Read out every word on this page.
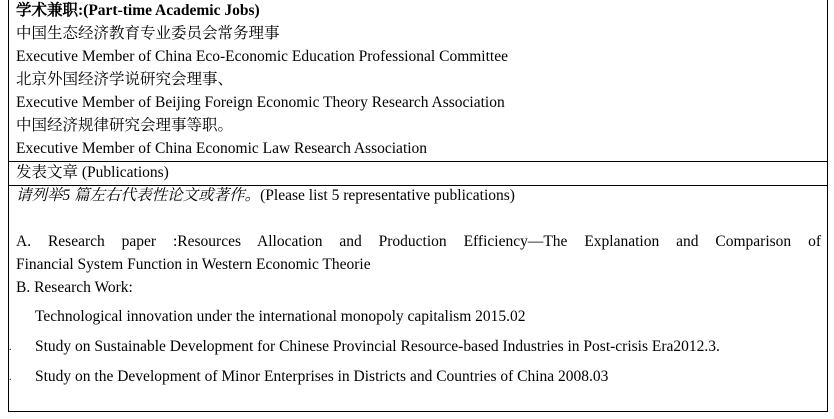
学术兼职:(Part-time Academic Jobs)
中国生态经济教育专业委员会常务理事
Executive Member of China Eco-Economic Education Professional Committee
北京外国经济学说研究会理事、
Executive Member of Beijing Foreign Economic Theory Research Association
中国经济规律研究会理事等职。
Executive Member of China Economic Law Research Association
发表文章 (Publications)
请列举5 篇左右代表性论文或著作。(Please list 5 representative publications)
A. Research paper :Resources Allocation and Production Efficiency—The Explanation and Comparison of
Financial System Function in Western Economic Theorie
B. Research Work:
Technological innovation under the international monopoly capitalism 2015.02
. Study on Sustainable Development for Chinese Provincial Resource-based Industries in Post-crisis Era2012.3.
. Study on the Development of Minor Enterprises in Districts and Countries of China 2008.03
